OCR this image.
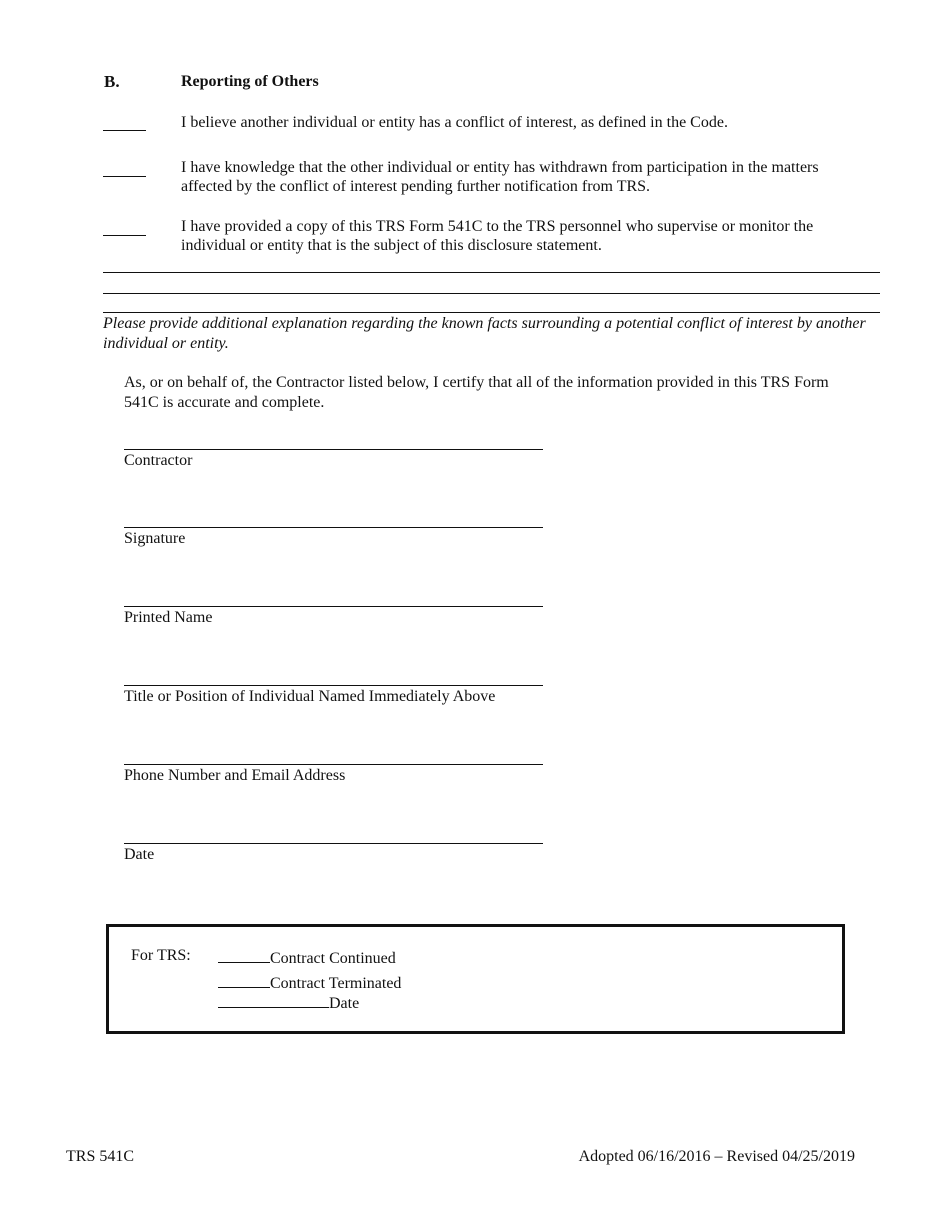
B.	Reporting of Others
I believe another individual or entity has a conflict of interest, as defined in the Code.
I have knowledge that the other individual or entity has withdrawn from participation in the matters affected by the conflict of interest pending further notification from TRS.
I have provided a copy of this TRS Form 541C to the TRS personnel who supervise or monitor the individual or entity that is the subject of this disclosure statement.
Please provide additional explanation regarding the known facts surrounding a potential conflict of interest by another individual or entity.
As, or on behalf of, the Contractor listed below, I certify that all of the information provided in this TRS Form 541C is accurate and complete.
Contractor
Signature
Printed Name
Title or Position of Individual Named Immediately Above
Phone Number and Email Address
Date
For TRS:	Contract Continued
Contract Terminated
Date
TRS 541C	Adopted 06/16/2016 – Revised 04/25/2019
